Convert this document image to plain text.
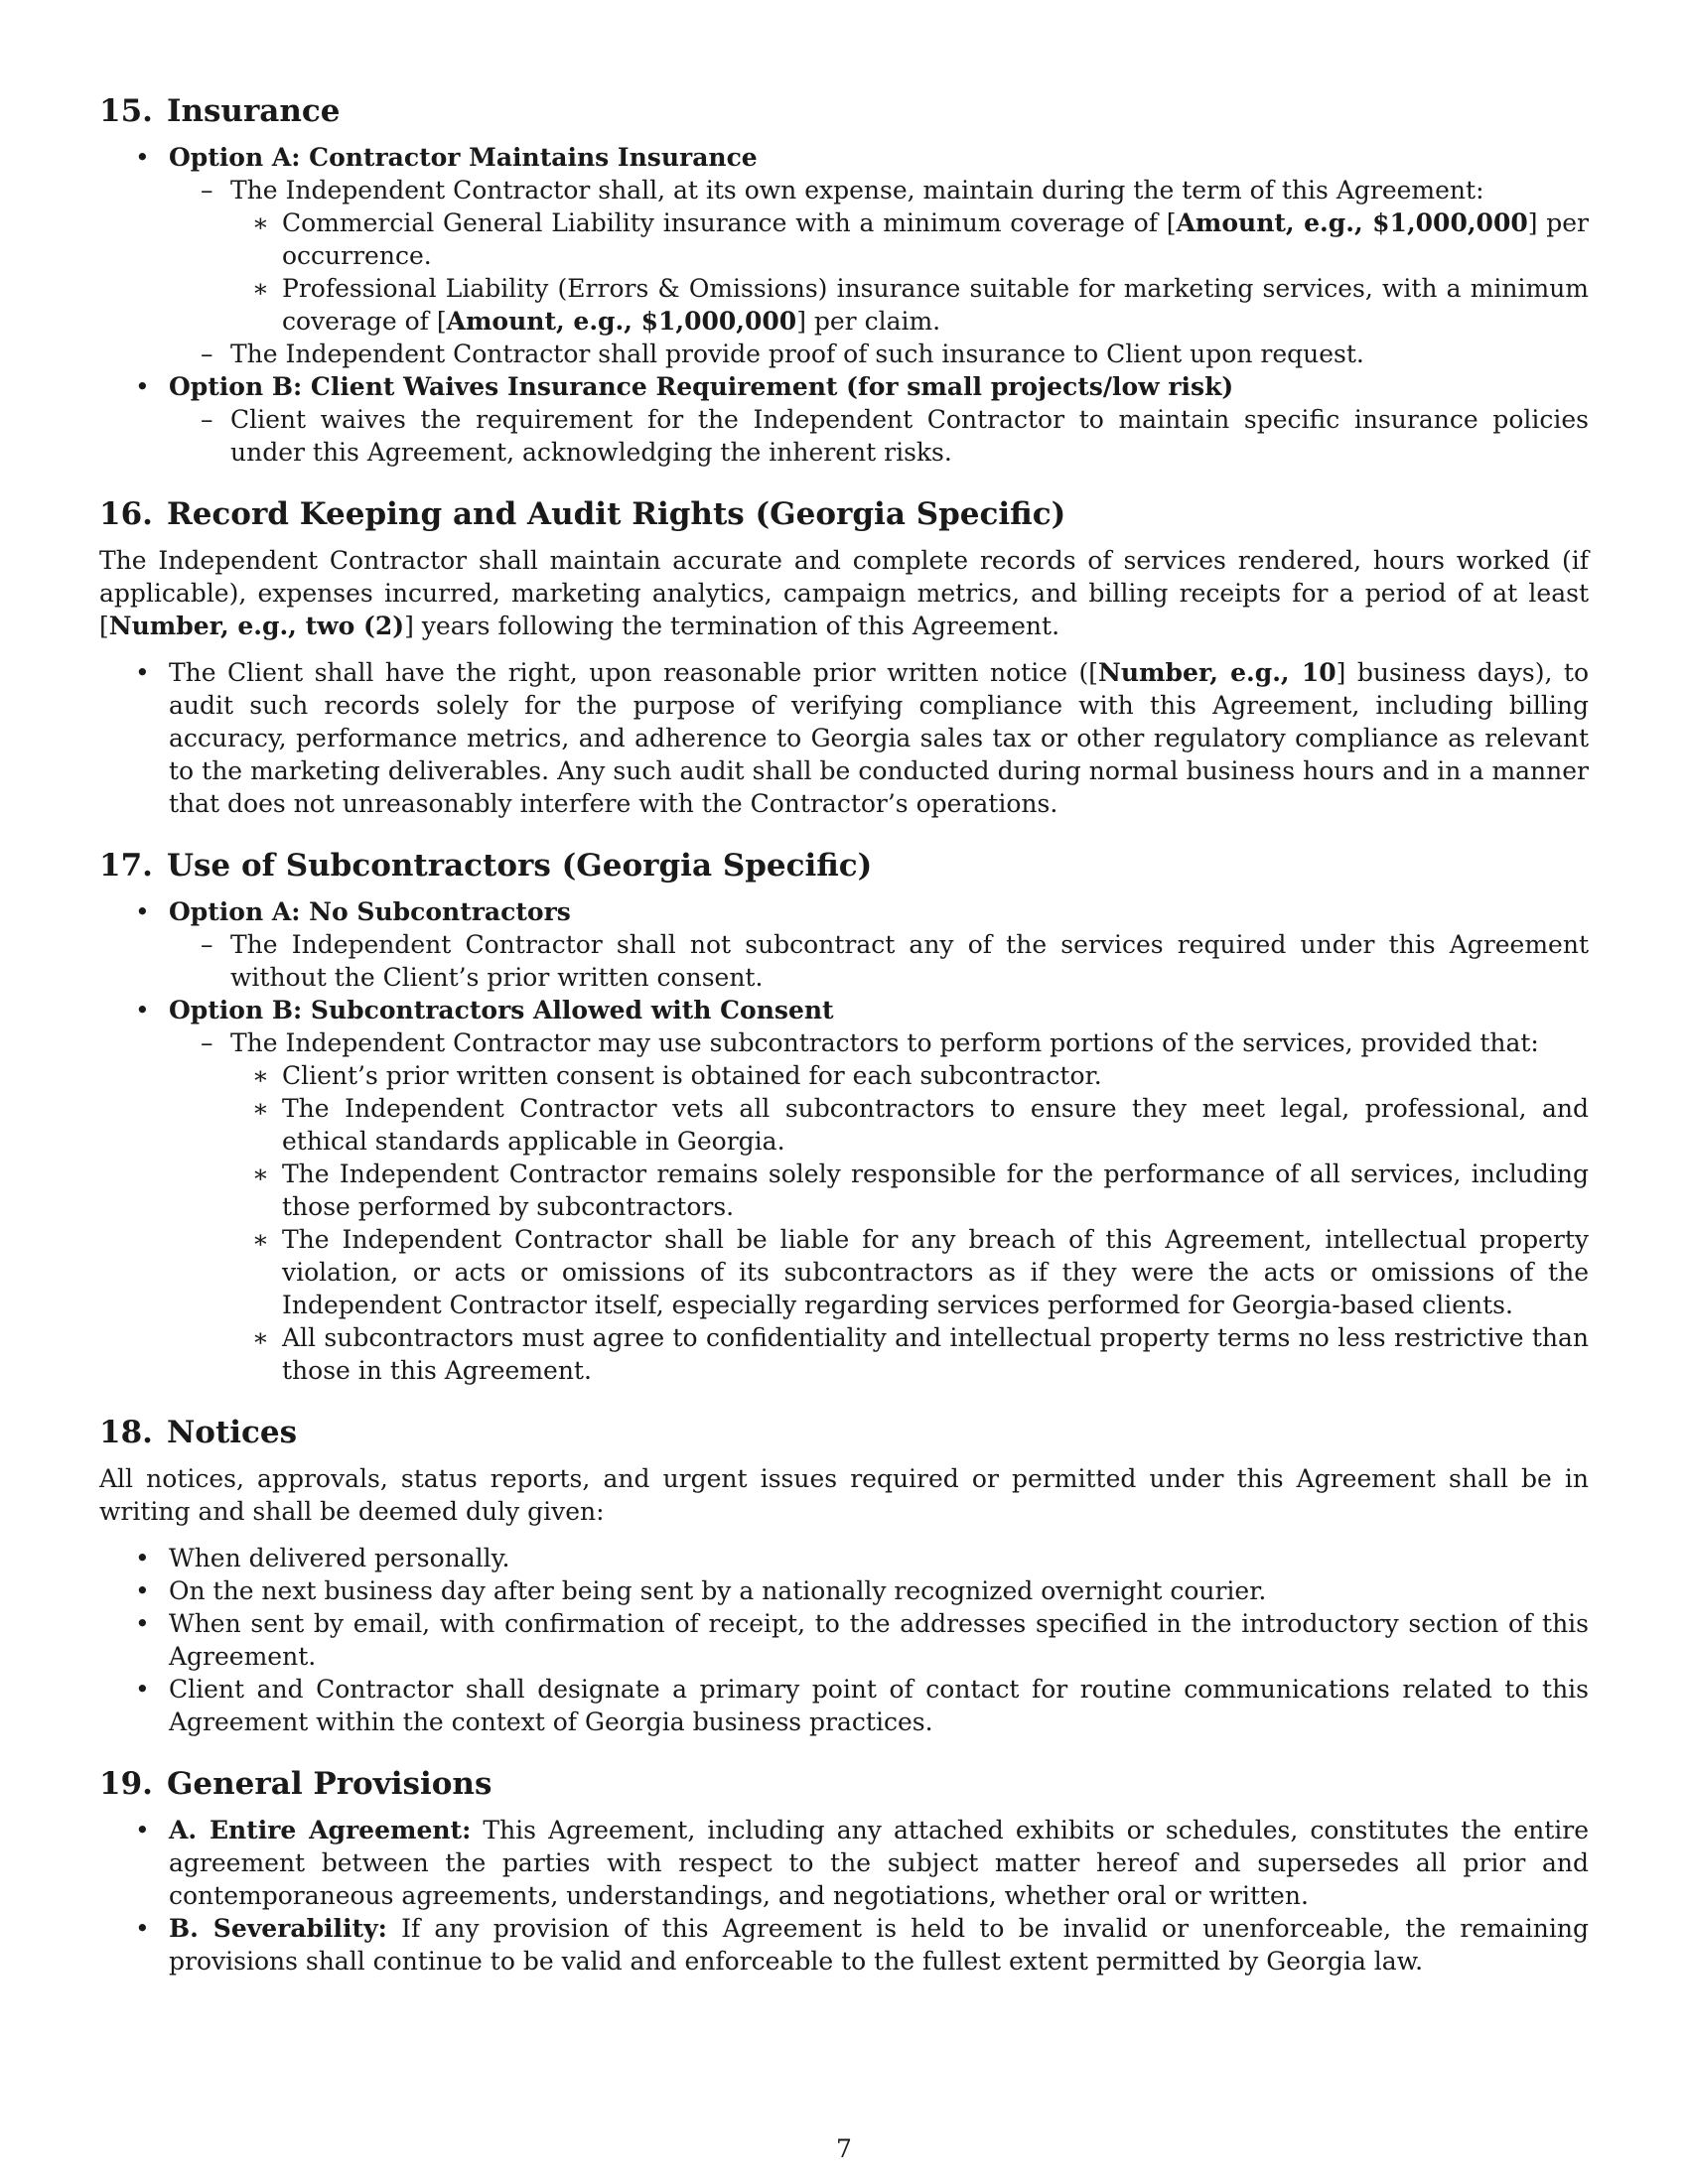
15. Insurance
• Option A: Contractor Maintains Insurance
– The Independent Contractor shall, at its own expense, maintain during the term of this Agreement:
∗ Commercial General Liability insurance with a minimum coverage of [Amount, e.g., $1,000,000] per occurrence.
∗ Professional Liability (Errors & Omissions) insurance suitable for marketing services, with a minimum coverage of [Amount, e.g., $1,000,000] per claim.
– The Independent Contractor shall provide proof of such insurance to Client upon request.
• Option B: Client Waives Insurance Requirement (for small projects/low risk)
– Client waives the requirement for the Independent Contractor to maintain specific insurance policies under this Agreement, acknowledging the inherent risks.
16. Record Keeping and Audit Rights (Georgia Specific)

The Independent Contractor shall maintain accurate and complete records of services rendered, hours worked (if applicable), expenses incurred, marketing analytics, campaign metrics, and billing receipts for a period of at least [Number, e.g., two (2)] years following the termination of this Agreement.

• The Client shall have the right, upon reasonable prior written notice ([Number, e.g., 10] business days), to audit such records solely for the purpose of verifying compliance with this Agreement, including billing accuracy, performance metrics, and adherence to Georgia sales tax or other regulatory compliance as relevant to the marketing deliverables. Any such audit shall be conducted during normal business hours and in a manner that does not unreasonably interfere with the Contractor’s operations.
17. Use of Subcontractors (Georgia Specific)
• Option A: No Subcontractors
– The Independent Contractor shall not subcontract any of the services required under this Agreement without the Client’s prior written consent.
• Option B: Subcontractors Allowed with Consent
– The Independent Contractor may use subcontractors to perform portions of the services, provided that:
∗ Client’s prior written consent is obtained for each subcontractor.
∗ The Independent Contractor vets all subcontractors to ensure they meet legal, professional, and ethical standards applicable in Georgia.
∗ The Independent Contractor remains solely responsible for the performance of all services, including those performed by subcontractors.
∗ The Independent Contractor shall be liable for any breach of this Agreement, intellectual property violation, or acts or omissions of its subcontractors as if they were the acts or omissions of the Independent Contractor itself, especially regarding services performed for Georgia-based clients.
∗ All subcontractors must agree to confidentiality and intellectual property terms no less restrictive than those in this Agreement.
18. Notices

All notices, approvals, status reports, and urgent issues required or permitted under this Agreement shall be in writing and shall be deemed duly given:

• When delivered personally.
• On the next business day after being sent by a nationally recognized overnight courier.
• When sent by email, with confirmation of receipt, to the addresses specified in the introductory section of this Agreement.
• Client and Contractor shall designate a primary point of contact for routine communications related to this Agreement within the context of Georgia business practices.
19. General Provisions
• A. Entire Agreement: This Agreement, including any attached exhibits or schedules, constitutes the entire agreement between the parties with respect to the subject matter hereof and supersedes all prior and contemporaneous agreements, understandings, and negotiations, whether oral or written.
• B. Severability: If any provision of this Agreement is held to be invalid or unenforceable, the remaining provisions shall continue to be valid and enforceable to the fullest extent permitted by Georgia law.
7
